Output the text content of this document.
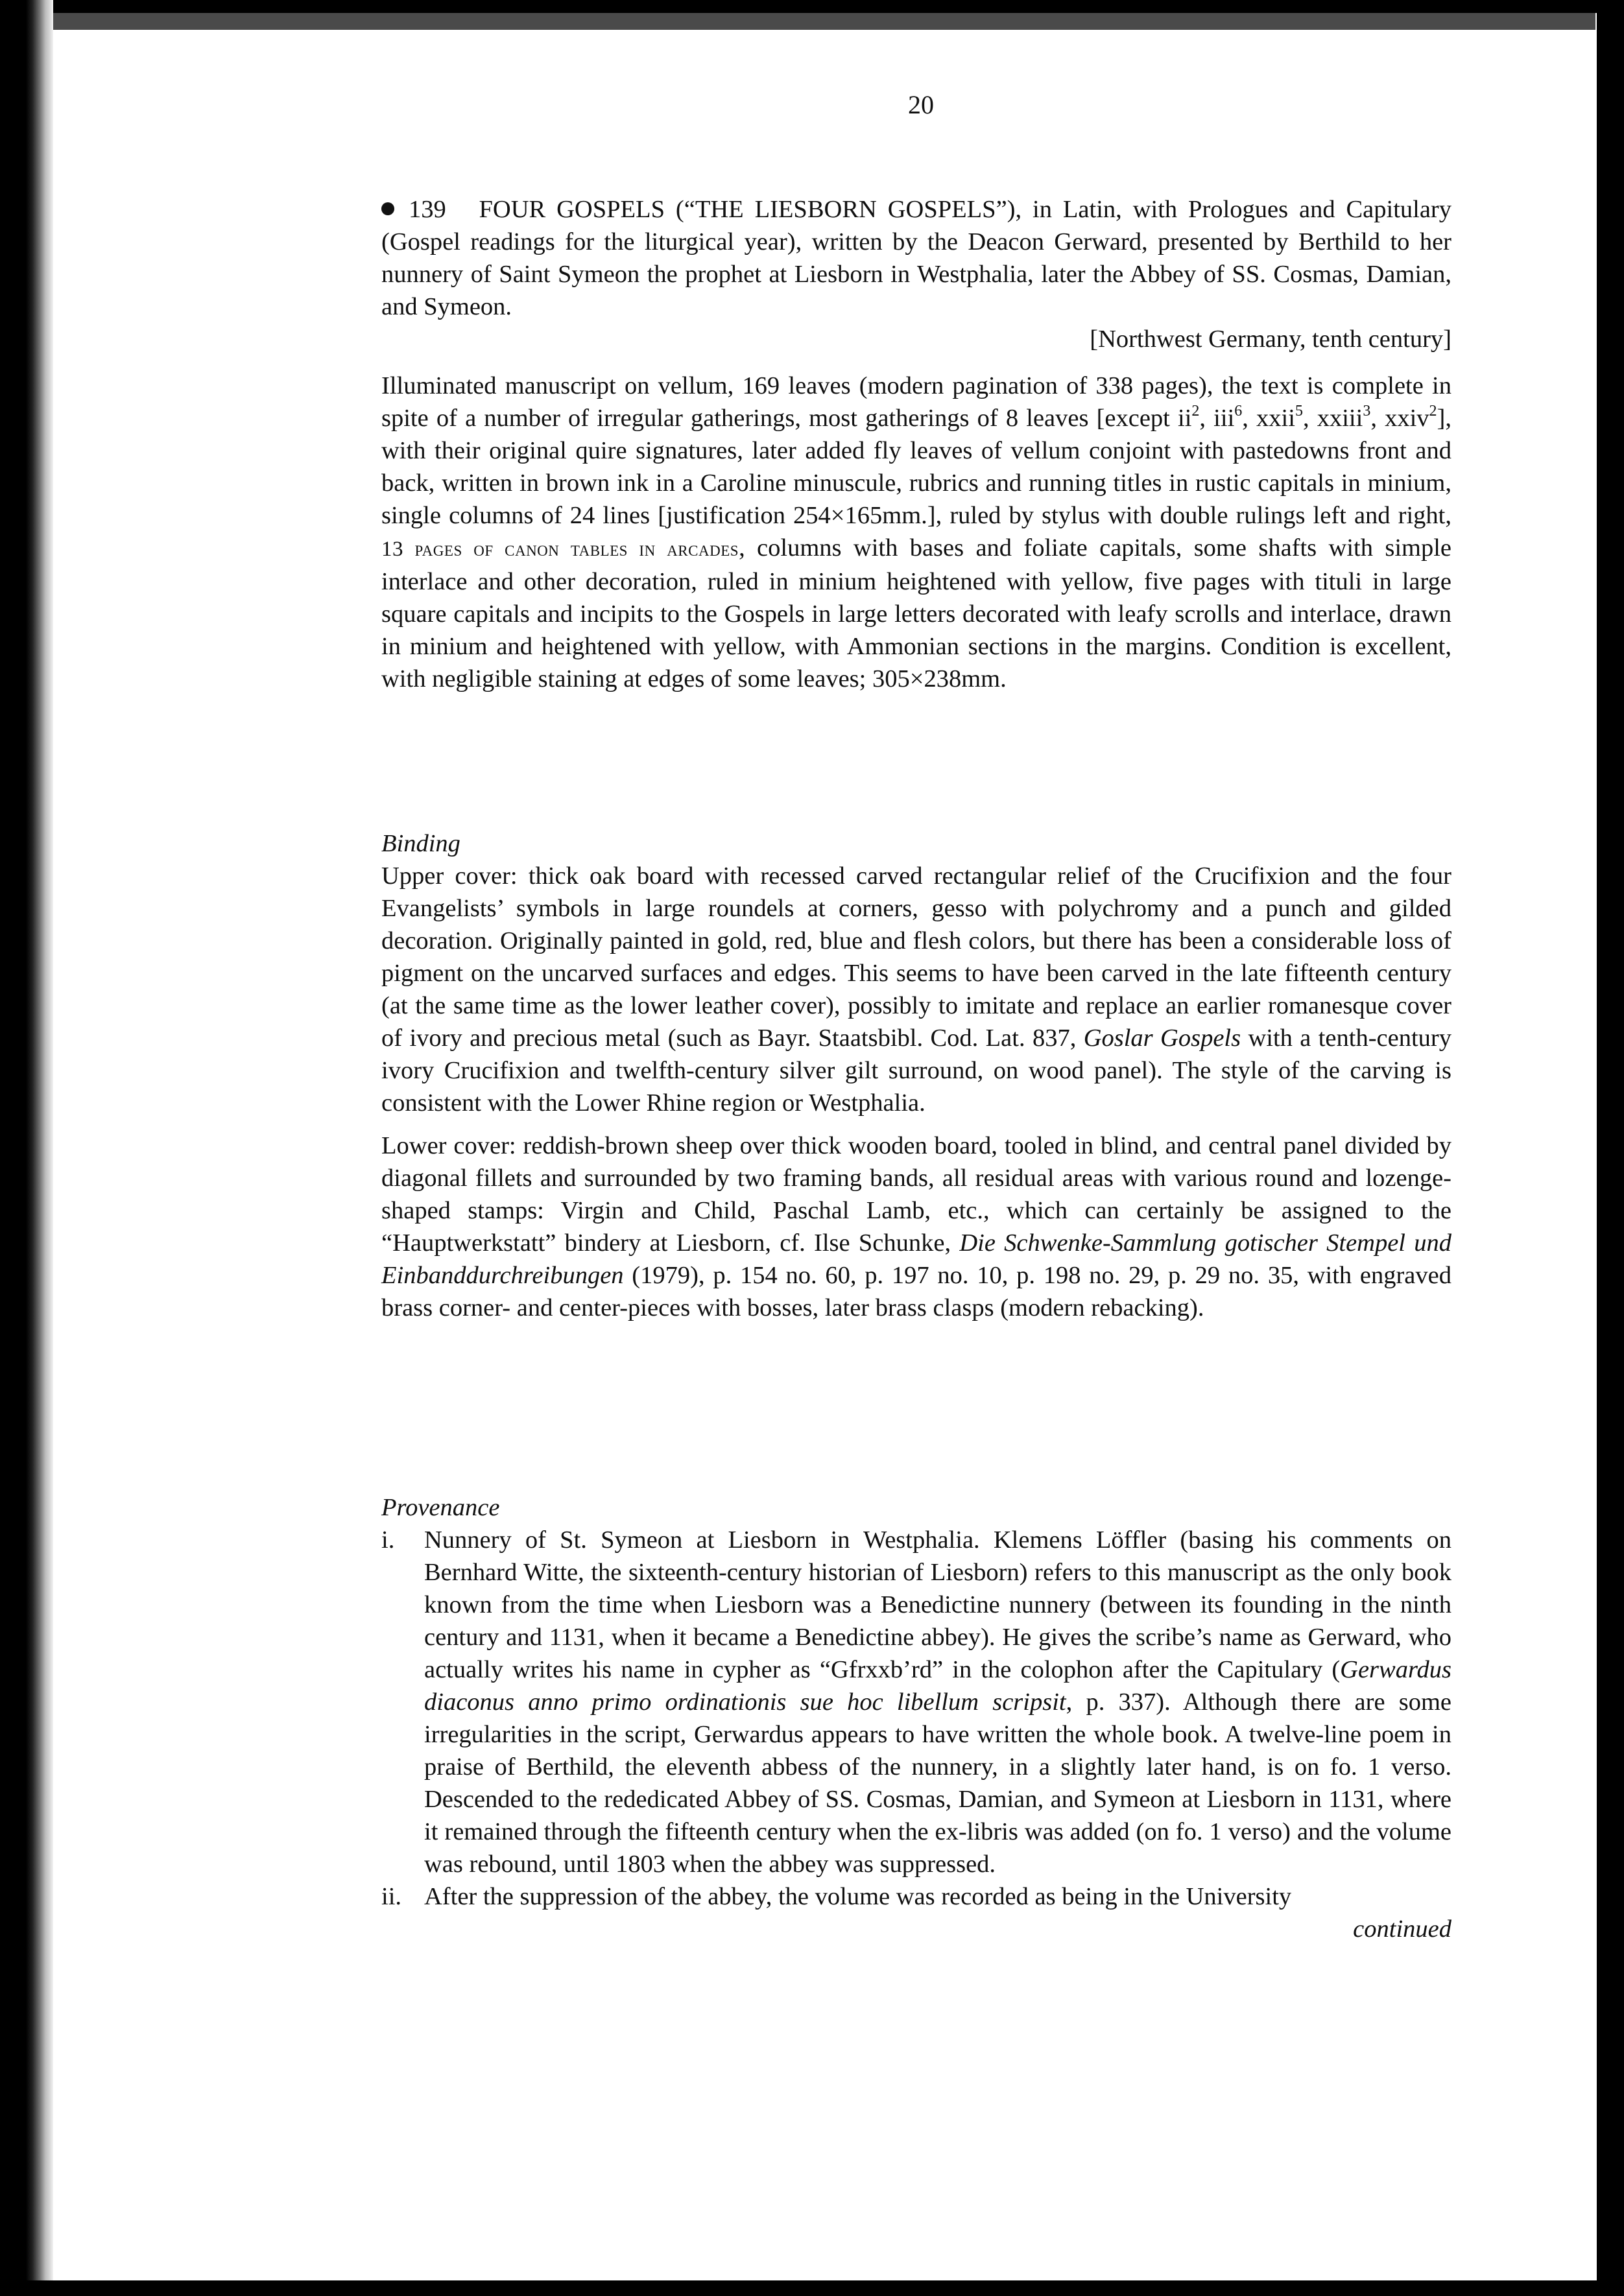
20

139 FOUR GOSPELS (“THE LIESBORN GOSPELS”), in Latin, with Prologues and Capitulary (Gospel readings for the liturgical year), written by the Deacon Gerward, presented by Berthild to her nunnery of Saint Symeon the prophet at Liesborn in Westphalia, later the Abbey of SS. Cosmas, Damian, and Symeon.

[Northwest Germany, tenth century]

Illuminated manuscript on vellum, 169 leaves (modern pagination of 338 pages), the text is complete in spite of a number of irregular gatherings, most gatherings of 8 leaves [except $ii^2$, iii$^6$, xxii$^5$, xxiii$^3$, xxiv$^2$], with their original quire signatures, later added fly leaves of vellum conjoint with pastedowns front and back, written in brown ink in a Caroline minuscule, rubrics and running titles in rustic capitals in minium, single columns of 24 lines [justification 254×165mm.], ruled by stylus with double rulings left and right, 13 pages of canon tables in arcades, columns with bases and foliate capitals, some shafts with simple interlace and other decoration, ruled in minium heightened with yellow, five pages with tituli in large square capitals and incipits to the Gospels in large letters decorated with leafy scrolls and interlace, drawn in minium and heightened with yellow, with Ammonian sections in the margins. Condition is excellent, with negligible staining at edges of some leaves; 305×238mm.

Binding

Upper cover: thick oak board with recessed carved rectangular relief of the Crucifixion and the four Evangelists’ symbols in large roundels at corners, gesso with polychromy and a punch and gilded decoration. Originally painted in gold, red, blue and flesh colors, but there has been a considerable loss of pigment on the uncarved surfaces and edges. This seems to have been carved in the late fifteenth century (at the same time as the lower leather cover), possibly to imitate and replace an earlier romanesque cover of ivory and precious metal (such as Bayr. Staatsbibl. Cod. Lat. 837, Goslar Gospels with a tenth-century ivory Crucifixion and twelfth-century silver gilt surround, on wood panel). The style of the carving is consistent with the Lower Rhine region or Westphalia.

Lower cover: reddish-brown sheep over thick wooden board, tooled in blind, and central panel divided by diagonal fillets and surrounded by two framing bands, all residual areas with various round and lozenge-shaped stamps: Virgin and Child, Paschal Lamb, etc., which can certainly be assigned to the “Hauptwerkstatt” bindery at Liesborn, cf. Ilse Schunke, Die Schwenke-Sammlung gotischer Stempel und Einbanddurchreibungen (1979), p. 154 no. 60, p. 197 no. 10, p. 198 no. 29, p. 29 no. 35, with engraved brass corner- and center-pieces with bosses, later brass clasps (modern rebacking).

Provenance

i.	Nunnery of St. Symeon at Liesborn in Westphalia. Klemens Löffler (basing his comments on Bernhard Witte, the sixteenth-century historian of Liesborn) refers to this manuscript as the only book known from the time when Liesborn was a Benedictine nunnery (between its founding in the ninth century and 1131, when it became a Benedictine abbey). He gives the scribe’s name as Gerward, who actually writes his name in cypher as “Gfrxxb’rd” in the colophon after the Capitulary (Gerwardus diaconus anno primo ordinationis sue hoc libellum scripsit, p. 337). Although there are some irregularities in the script, Gerwardus appears to have written the whole book. A twelve-line poem in praise of Berthild, the eleventh abbess of the nunnery, in a slightly later hand, is on fo. 1 verso. Descended to the rededicated Abbey of SS. Cosmas, Damian, and Symeon at Liesborn in 1131, where it remained through the fifteenth century when the ex-libris was added (on fo. 1 verso) and the volume was rebound, until 1803 when the abbey was suppressed.
ii. After the suppression of the abbey, the volume was recorded as being in the University

continued
